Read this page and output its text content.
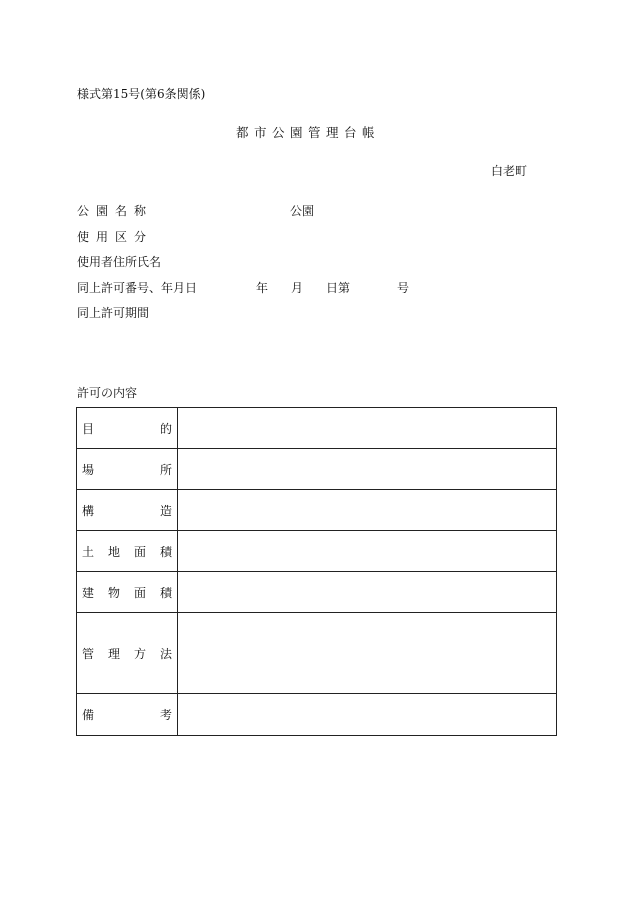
様式第15号(第6条関係)
都市公園管理台帳
白老町
公園名称	公園
使用区分
使用者住所氏名
同上許可番号、年月日	年 月 日第	号
同上許可期間
許可の内容
目的	
場所	
構造	
土地面積	
建物面積	
管理方法	
備考	
